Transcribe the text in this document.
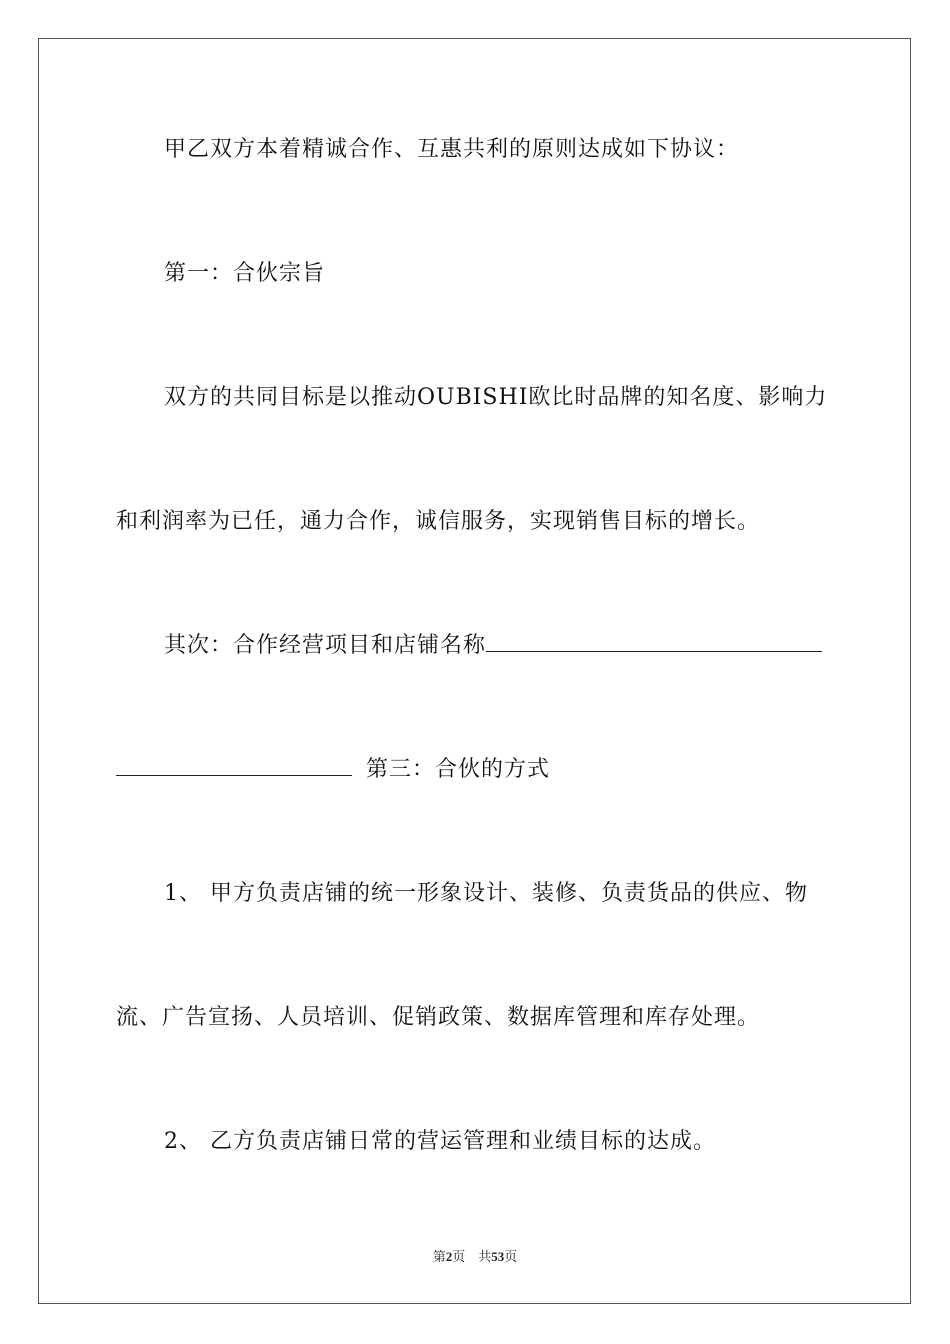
甲乙双方本着精诚合作、互惠共利的原则达成如下协议：
第一：合伙宗旨
双方的共同目标是以推动OUBISHI欧比时品牌的知名度、影响力
和利润率为已任，通力合作，诚信服务，实现销售目标的增长。
其次：合作经营项目和店铺名称
第三：合伙的方式
1、 甲方负责店铺的统一形象设计、装修、负责货品的供应、物
流、广告宣扬、人员培训、促销政策、数据库管理和库存处理。
2、 乙方负责店铺日常的营运管理和业绩目标的达成。
第2页 共53页
